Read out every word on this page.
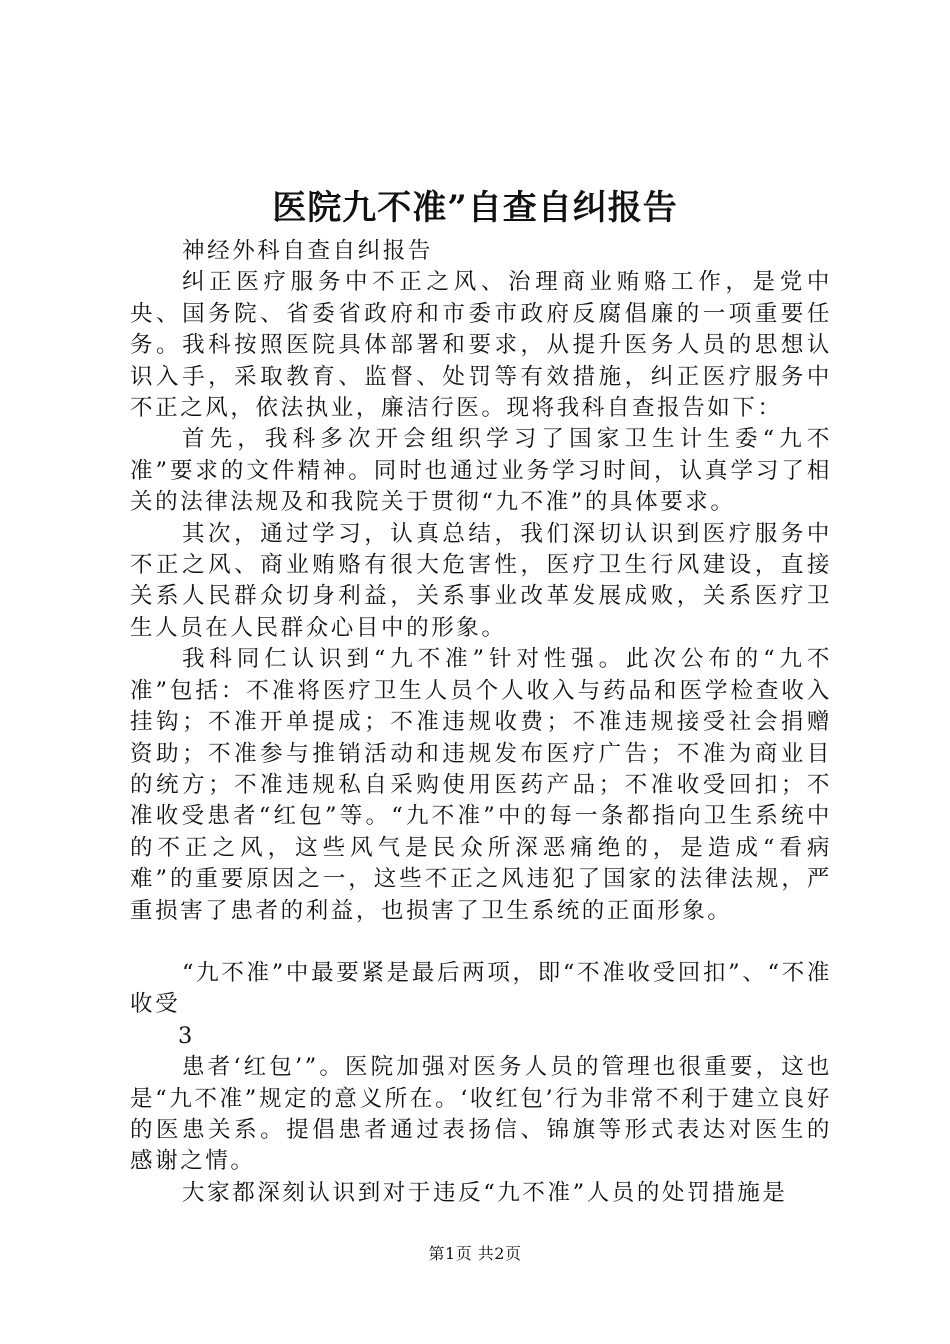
医院九不准”自查自纠报告

神经外科自查自纠报告

纠正医疗服务中不正之风、治理商业贿赂工作，是党中央、国务院、省委省政府和市委市政府反腐倡廉的一项重要任务。我科按照医院具体部署和要求，从提升医务人员的思想认识入手，采取教育、监督、处罚等有效措施，纠正医疗服务中不正之风，依法执业，廉洁行医。现将我科自查报告如下：

首先，我科多次开会组织学习了国家卫生计生委“九不准”要求的文件精神。同时也通过业务学习时间，认真学习了相关的法律法规及和我院关于贯彻“九不准”的具体要求。

其次，通过学习，认真总结，我们深切认识到医疗服务中不正之风、商业贿赂有很大危害性，医疗卫生行风建设，直接关系人民群众切身利益，关系事业改革发展成败，关系医疗卫生人员在人民群众心目中的形象。

我科同仁认识到“九不准”针对性强。此次公布的“九不准”包括：不准将医疗卫生人员个人收入与药品和医学检查收入挂钩；不准开单提成；不准违规收费；不准违规接受社会捐赠资助；不准参与推销活动和违规发布医疗广告；不准为商业目的统方；不准违规私自采购使用医药产品；不准收受回扣；不准收受患者“红包”等。“九不准”中的每一条都指向卫生系统中的不正之风，这些风气是民众所深恶痛绝的，是造成“看病难”的重要原因之一，这些不正之风违犯了国家的法律法规，严重损害了患者的利益，也损害了卫生系统的正面形象。

“九不准”中最要紧是最后两项，即“不准收受回扣”、“不准收受

3

患者‘红包’”。医院加强对医务人员的管理也很重要，这也是“九不准”规定的意义所在。‘收红包’行为非常不利于建立良好的医患关系。提倡患者通过表扬信、锦旗等形式表达对医生的感谢之情。

大家都深刻认识到对于违反“九不准”人员的处罚措施是

第1页 共2页
